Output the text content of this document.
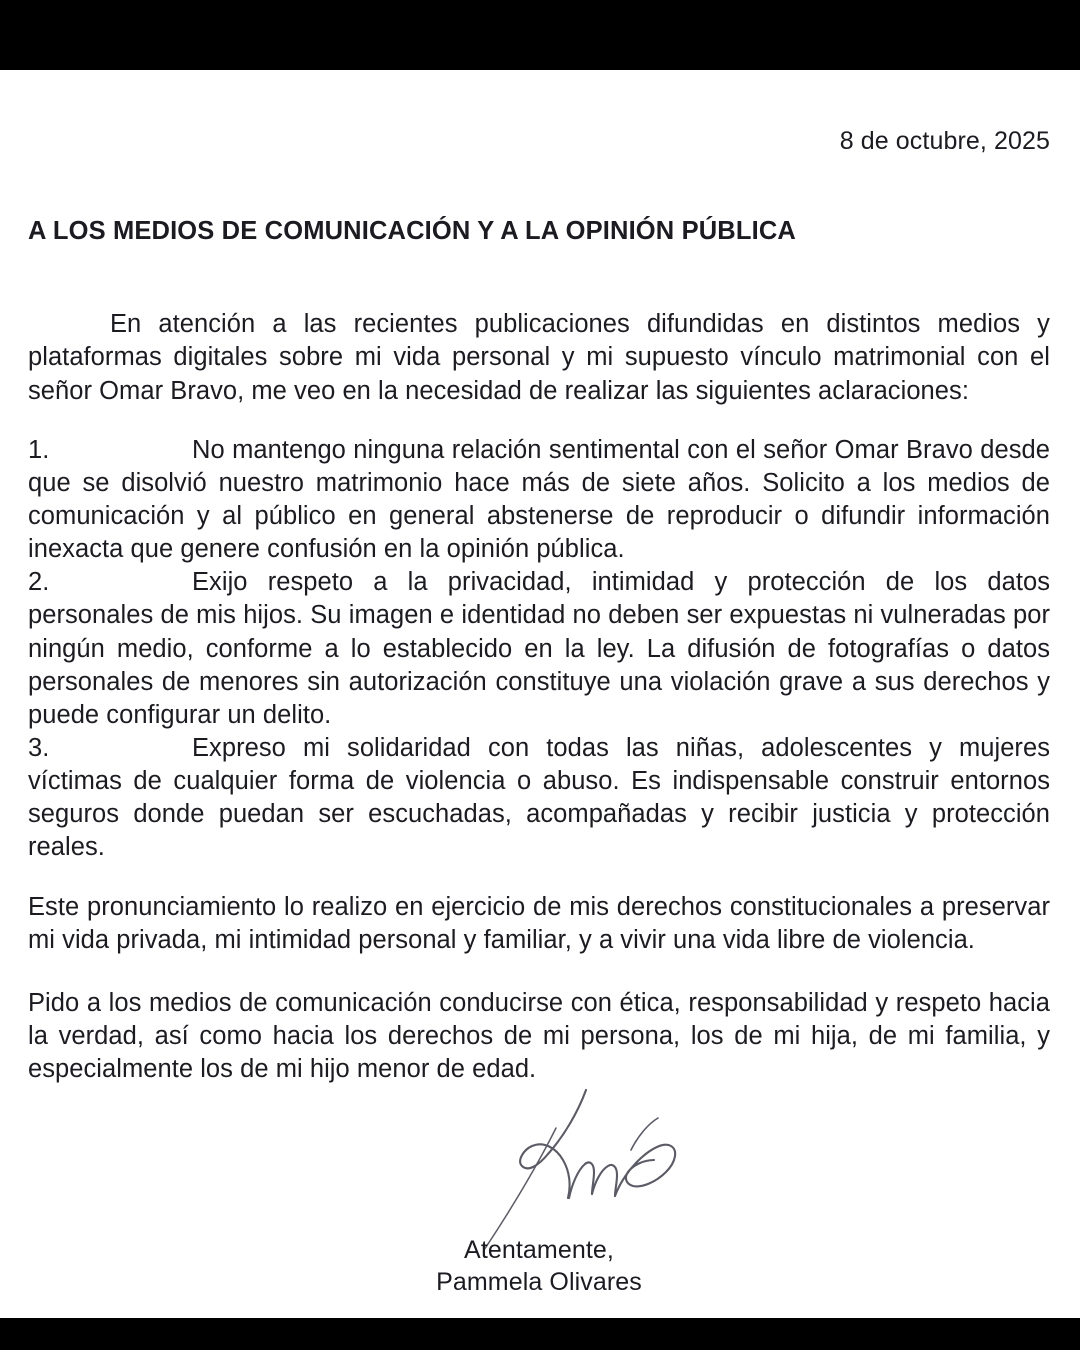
8 de octubre, 2025
A LOS MEDIOS DE COMUNICACIÓN Y A LA OPINIÓN PÚBLICA

En atención a las recientes publicaciones difundidas en distintos medios y plataformas digitales sobre mi vida personal y mi supuesto vínculo matrimonial con el señor Omar Bravo, me veo en la necesidad de realizar las siguientes aclaraciones:

1.	No mantengo ninguna relación sentimental con el señor Omar Bravo desde que se disolvió nuestro matrimonio hace más de siete años. Solicito a los medios de comunicación y al público en general abstenerse de reproducir o difundir información inexacta que genere confusión en la opinión pública.

2.	Exijo respeto a la privacidad, intimidad y protección de los datos personales de mis hijos. Su imagen e identidad no deben ser expuestas ni vulneradas por ningún medio, conforme a lo establecido en la ley. La difusión de fotografías o datos personales de menores sin autorización constituye una violación grave a sus derechos y puede configurar un delito.

3.	Expreso mi solidaridad con todas las niñas, adolescentes y mujeres víctimas de cualquier forma de violencia o abuso. Es indispensable construir entornos seguros donde puedan ser escuchadas, acompañadas y recibir justicia y protección reales.

Este pronunciamiento lo realizo en ejercicio de mis derechos constitucionales a preservar mi vida privada, mi intimidad personal y familiar, y a vivir una vida libre de violencia.

Pido a los medios de comunicación conducirse con ética, responsabilidad y respeto hacia la verdad, así como hacia los derechos de mi persona, los de mi hija, de mi familia, y especialmente los de mi hijo menor de edad.

Atentamente,
Pammela Olivares
